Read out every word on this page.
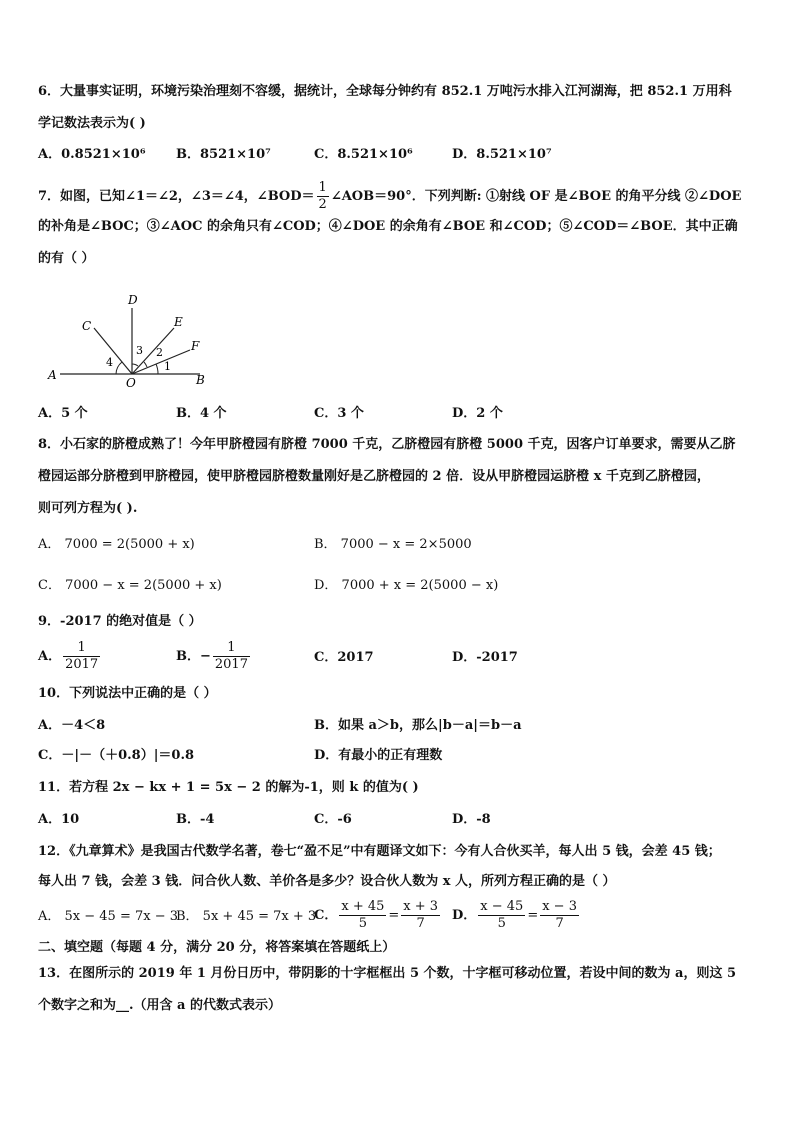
6．大量事实证明，环境污染治理刻不容缓，据统计，全球每分钟约有 852.1 万吨污水排入江河湖海，把 852.1 万用科
学记数法表示为( )
A．0.8521×10⁶ B．8521×10⁷	C．8.521×10⁶	D．8.521×10⁷
7．如图，已知∠1＝∠2，∠3＝∠4，∠BOD＝ $\frac{1}{2}$ ∠AOB＝90°．下列判断: ①射线 OF 是∠BOE 的角平分线 ②∠DOE
的补角是∠BOC；③∠AOC 的余角只有∠COD；④∠DOE 的余角有∠BOE 和∠COD；⑤∠COD＝∠BOE．其中正确
的有（ ）
A	B
C
D
E
F
O
1
2
3
4
A．5 个	B．4 个	C．3 个	D．2 个
8．小石家的脐橙成熟了！今年甲脐橙园有脐橙 7000 千克，乙脐橙园有脐橙 5000 千克，因客户订单要求，需要从乙脐
橙园运部分脐橙到甲脐橙园，使甲脐橙园脐橙数量刚好是乙脐橙园的 2 倍．设从甲脐橙园运脐橙 x 千克到乙脐橙园，
则可列方程为( ).
A． 7000 = 2(5000 + x)	B． 7000 − x = 2×5000
C． 7000 − x = 2(5000 + x)	D． 7000 + x = 2(5000 − x)
9．-2017 的绝对值是（ ）
A． $\frac{1}{2017}$	B．− $\frac{1}{2017}$	C．2017	D．-2017
10．下列说法中正确的是（ ）
A．－4＜8	B．如果 a＞b，那么|b－a|＝b－a
C．－|－（＋0.8）|＝0.8	D．有最小的正有理数
11．若方程 2x − kx + 1 = 5x − 2 的解为-1，则 k 的值为( )
A．10	B．-4	C．-6	D．-8
12．《九章算术》是我国古代数学名著，卷七“盈不足”中有题译文如下：今有人合伙买羊，每人出 5 钱，会差 45 钱；
每人出 7 钱，会差 3 钱．问合伙人数、羊价各是多少？设合伙人数为 x 人，所列方程正确的是（ ）
A． 5x − 45 = 7x − 3
B． 5x + 45 = 7x + 3
C． $\frac{x + 45}{5} = \frac{x + 3}{7}$ D． $\frac{x - 45}{5} = \frac{x - 3}{7}$
二、填空题（每题 4 分，满分 20 分，将答案填在答题纸上）
13．在图所示的 2019 年 1 月份日历中，带阴影的十字框框出 5 个数，十字框可移动位置，若设中间的数为 a，则这 5
个数字之和为__.（用含 a 的代数式表示）
